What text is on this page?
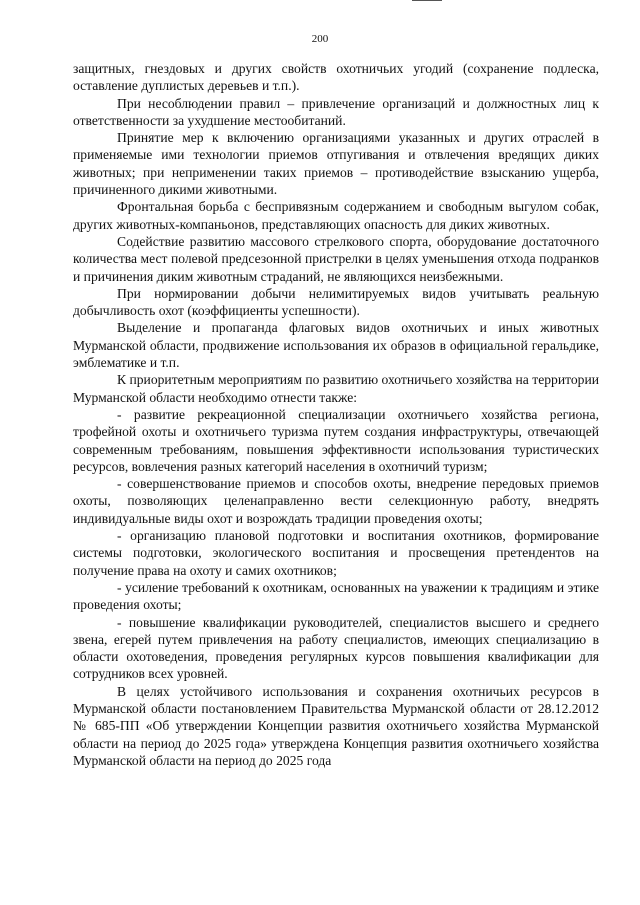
200

защитных, гнездовых и других свойств охотничьих угодий (сохранение подлеска, оставление дуплистых деревьев и т.п.).

При несоблюдении правил – привлечение организаций и должностных лиц к ответственности за ухудшение местообитаний.

Принятие мер к включению организациями указанных и других отраслей в применяемые ими технологии приемов отпугивания и отвлечения вредящих диких животных; при неприменении таких приемов – противодействие взысканию ущерба, причиненного дикими животными.

Фронтальная борьба с беспривязным содержанием и свободным выгулом собак, других животных-компаньонов, представляющих опасность для диких животных.

Содействие развитию массового стрелкового спорта, оборудование достаточного количества мест полевой предсезонной пристрелки в целях уменьшения отхода подранков и причинения диким животным страданий, не являющихся неизбежными.

При нормировании добычи нелимитируемых видов учитывать реальную добычливость охот (коэффициенты успешности).

Выделение и пропаганда флаговых видов охотничьих и иных животных Мурманской области, продвижение использования их образов в официальной геральдике, эмблематике и т.п.

К приоритетным мероприятиям по развитию охотничьего хозяйства на территории Мурманской области необходимо отнести также:

- развитие рекреационной специализации охотничьего хозяйства региона, трофейной охоты и охотничьего туризма путем создания инфраструктуры, отвечающей современным требованиям, повышения эффективности использования туристических ресурсов, вовлечения разных категорий населения в охотничий туризм;

- совершенствование приемов и способов охоты, внедрение передовых приемов охоты, позволяющих целенаправленно вести селекционную работу, внедрять индивидуальные виды охот и возрождать традиции проведения охоты;

- организацию плановой подготовки и воспитания охотников, формирование системы подготовки, экологического воспитания и просвещения претендентов на получение права на охоту и самих охотников;

- усиление требований к охотникам, основанных на уважении к традициям и этике проведения охоты;

- повышение квалификации руководителей, специалистов высшего и среднего звена, егерей путем привлечения на работу специалистов, имеющих специализацию в области охотоведения, проведения регулярных курсов повышения квалификации для сотрудников всех уровней.

В целях устойчивого использования и сохранения охотничьих ресурсов в Мурманской области постановлением Правительства Мурманской области от 28.12.2012 № 685-ПП «Об утверждении Концепции развития охотничьего хозяйства Мурманской области на период до 2025 года» утверждена Концепция развития охотничьего хозяйства Мурманской области на период до 2025 года
